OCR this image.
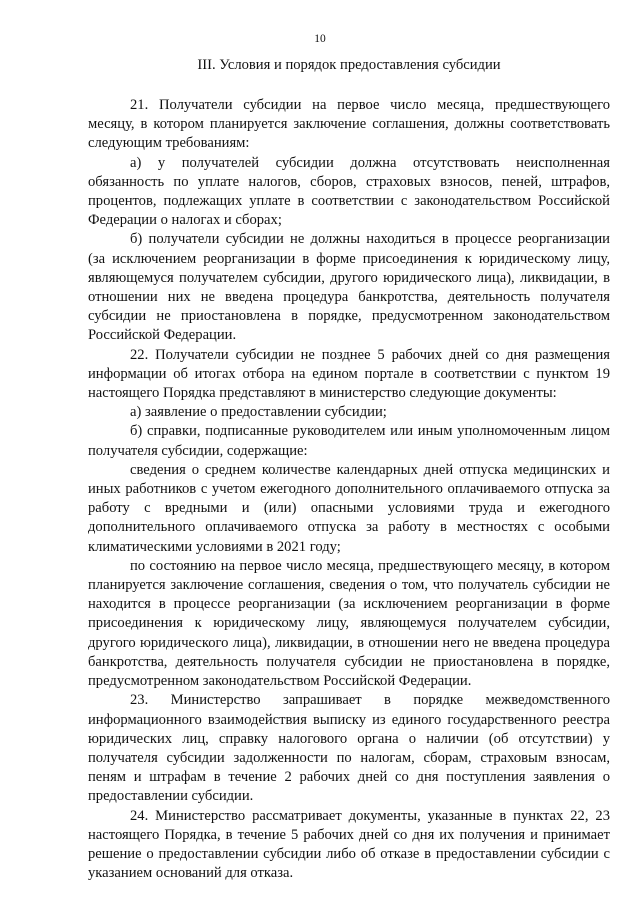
10
III. Условия и порядок предоставления субсидии

21. Получатели субсидии на первое число месяца, предшествующего месяцу, в котором планируется заключение соглашения, должны соответствовать следующим требованиям:

а) у получателей субсидии должна отсутствовать неисполненная обязанность по уплате налогов, сборов, страховых взносов, пеней, штрафов, процентов, подлежащих уплате в соответствии с законодательством Российской Федерации о налогах и сборах;

б) получатели субсидии не должны находиться в процессе реорганизации (за исключением реорганизации в форме присоединения к юридическому лицу, являющемуся получателем субсидии, другого юридического лица), ликвидации, в отношении них не введена процедура банкротства, деятельность получателя субсидии не приостановлена в порядке, предусмотренном законодательством Российской Федерации.

22. Получатели субсидии не позднее 5 рабочих дней со дня размещения информации об итогах отбора на едином портале в соответствии с пунктом 19 настоящего Порядка представляют в министерство следующие документы:

а) заявление о предоставлении субсидии;

б) справки, подписанные руководителем или иным уполномоченным лицом получателя субсидии, содержащие:

сведения о среднем количестве календарных дней отпуска медицинских и иных работников с учетом ежегодного дополнительного оплачиваемого отпуска за работу с вредными и (или) опасными условиями труда и ежегодного дополнительного оплачиваемого отпуска за работу в местностях с особыми климатическими условиями в 2021 году;

по состоянию на первое число месяца, предшествующего месяцу, в котором планируется заключение соглашения, сведения о том, что получатель субсидии не находится в процессе реорганизации (за исключением реорганизации в форме присоединения к юридическому лицу, являющемуся получателем субсидии, другого юридического лица), ликвидации, в отношении него не введена процедура банкротства, деятельность получателя субсидии не приостановлена в порядке, предусмотренном законодательством Российской Федерации.

23. Министерство запрашивает в порядке межведомственного информационного взаимодействия выписку из единого государственного реестра юридических лиц, справку налогового органа о наличии (об отсутствии) у получателя субсидии задолженности по налогам, сборам, страховым взносам, пеням и штрафам в течение 2 рабочих дней со дня поступления заявления о предоставлении субсидии.

24. Министерство рассматривает документы, указанные в пунктах 22, 23 настоящего Порядка, в течение 5 рабочих дней со дня их получения и принимает решение о предоставлении субсидии либо об отказе в предоставлении субсидии с указанием оснований для отказа.
